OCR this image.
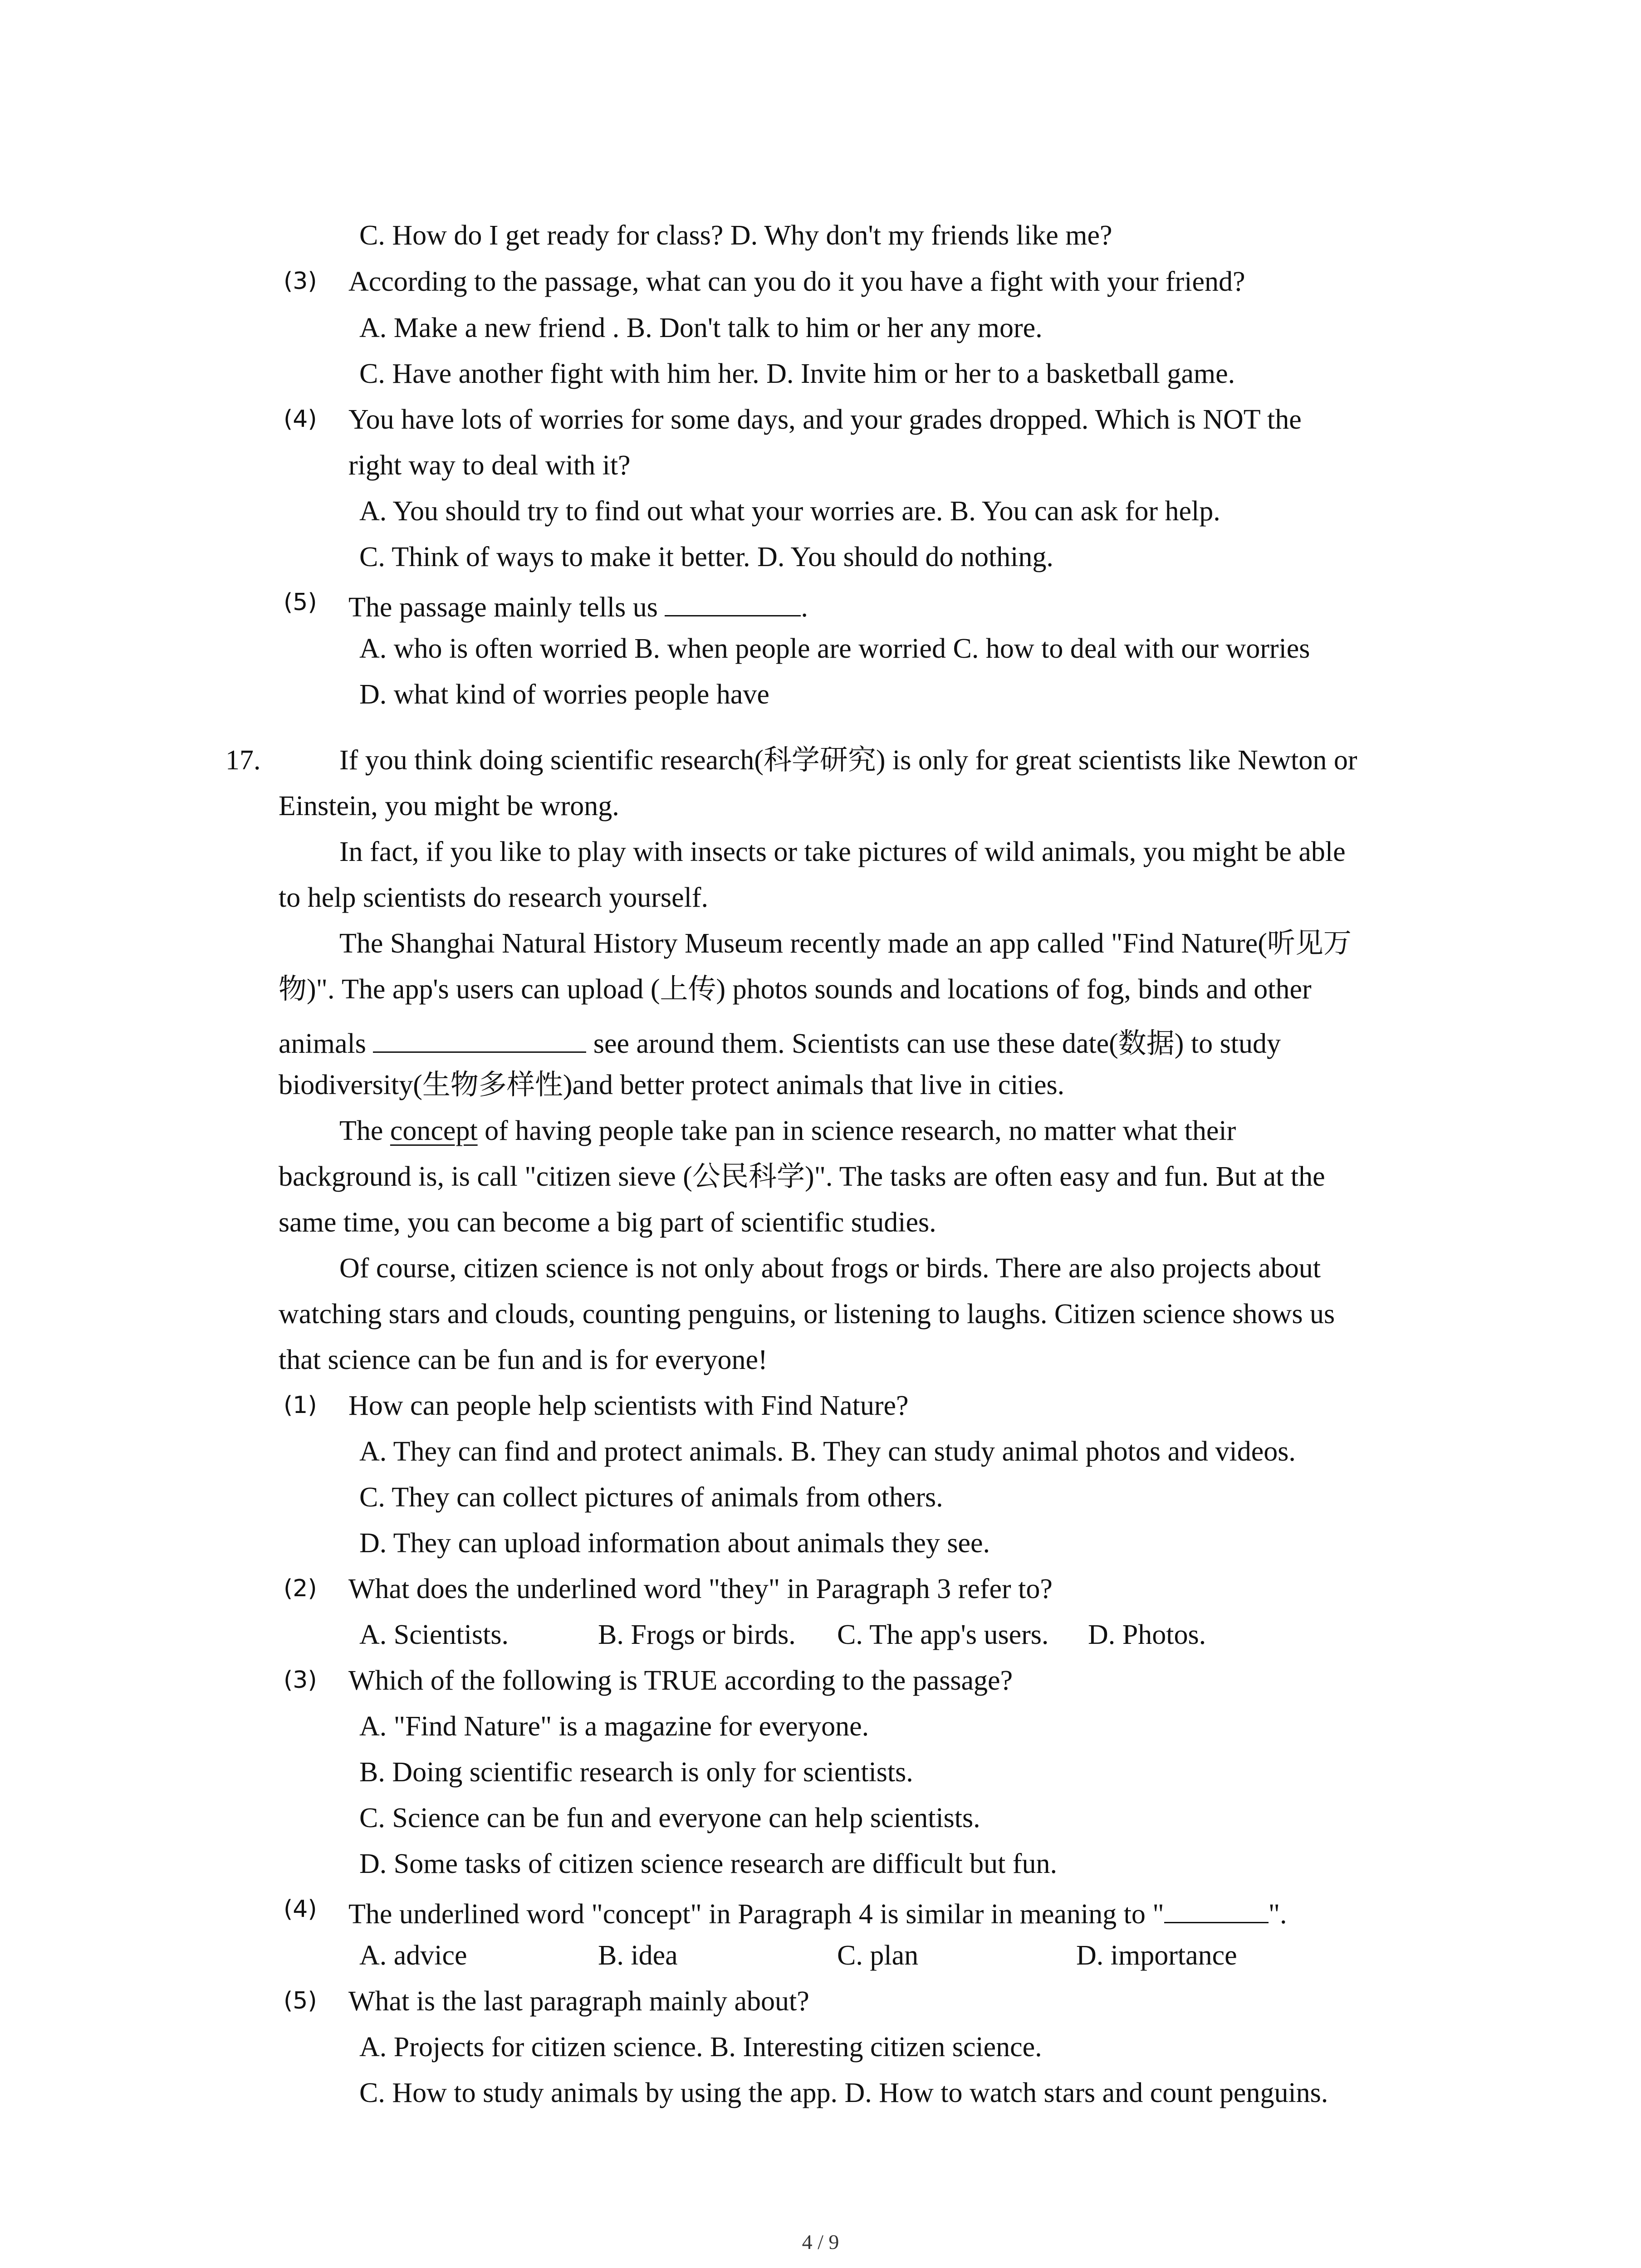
C. How do I get ready for class? D. Why don't my friends like me?
(3) According to the passage, what can you do it you have a fight with your friend?
A. Make a new friend . B. Don't talk to him or her any more.
C. Have another fight with him her. D. Invite him or her to a basketball game.
(4) You have lots of worries for some days, and your grades dropped. Which is NOT the
right way to deal with it?
A. You should try to find out what your worries are. B. You can ask for help.
C. Think of ways to make it better. D. You should do nothing.
(5) The passage mainly tells us	.
A. who is often worried B. when people are worried C. how to deal with our worries
D. what kind of worries people have
17.	If you think doing scientific research(科学研究) is only for great scientists like Newton or
Einstein, you might be wrong.
In fact, if you like to play with insects or take pictures of wild animals, you might be able
to help scientists do research yourself.
The Shanghai Natural History Museum recently made an app called "Find Nature(听见万
物)". The app's users can upload (上传) photos sounds and locations of fog, binds and other
animals	see around them. Scientists can use these date(数据) to study
biodiversity(生物多样性)and better protect animals that live in cities.
The concept of having people take pan in science research, no matter what their
background is, is call "citizen sieve (公民科学)". The tasks are often easy and fun. But at the
same time, you can become a big part of scientific studies.
Of course, citizen science is not only about frogs or birds. There are also projects about
watching stars and clouds, counting penguins, or listening to laughs. Citizen science shows us
that science can be fun and is for everyone!
(1) How can people help scientists with Find Nature?
A. They can find and protect animals. B. They can study animal photos and videos.
C. They can collect pictures of animals from others.
D. They can upload information about animals they see.
(2) What does the underlined word "they" in Paragraph 3 refer to?
A. Scientists.	B. Frogs or birds. C. The app's users. D. Photos.
(3) Which of the following is TRUE according to the passage?
A. "Find Nature" is a magazine for everyone.
B. Doing scientific research is only for scientists.
C. Science can be fun and everyone can help scientists.
D. Some tasks of citizen science research are difficult but fun.
(4) The underlined word "concept" in Paragraph 4 is similar in meaning to "	".
A. advice	B. idea	C. plan	D. importance
(5) What is the last paragraph mainly about?
A. Projects for citizen science. B. Interesting citizen science.
C. How to study animals by using the app. D. How to watch stars and count penguins.
4 / 9
